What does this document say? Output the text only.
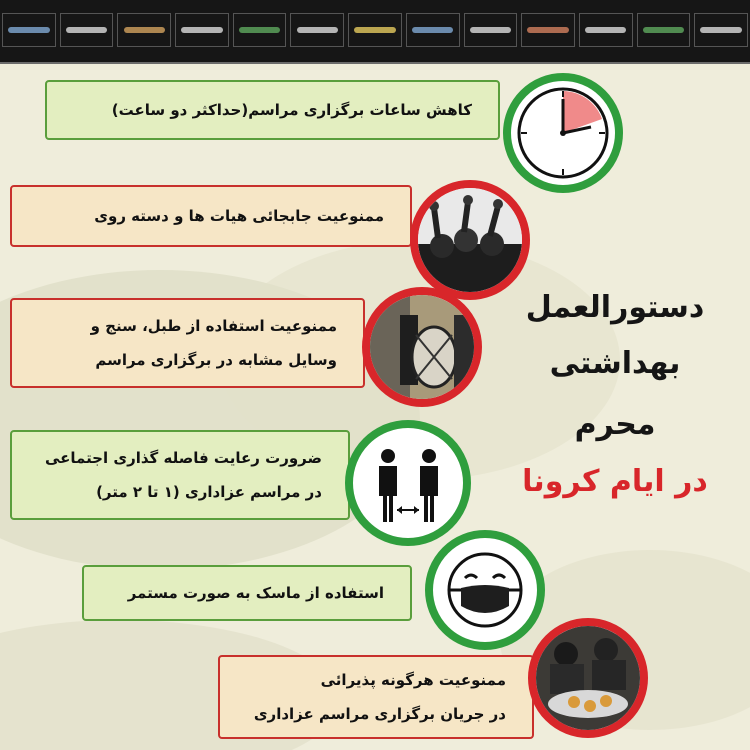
کاهش ساعات برگزاری مراسم(حداکثر دو ساعت)
ممنوعیت جابجائی هیات ها و دسته روی
ممنوعیت استفاده از طبل، سنج و
وسایل مشابه در برگزاری مراسم
ضرورت رعایت فاصله گذاری اجتماعی
در مراسم عزاداری (۱ تا ۲ متر)
استفاده از ماسک به صورت مستمر
ممنوعیت هرگونه پذیرائی
در جریان برگزاری مراسم عزاداری
دستورالعمل
بهداشتی
محرم
در ایام کرونا
